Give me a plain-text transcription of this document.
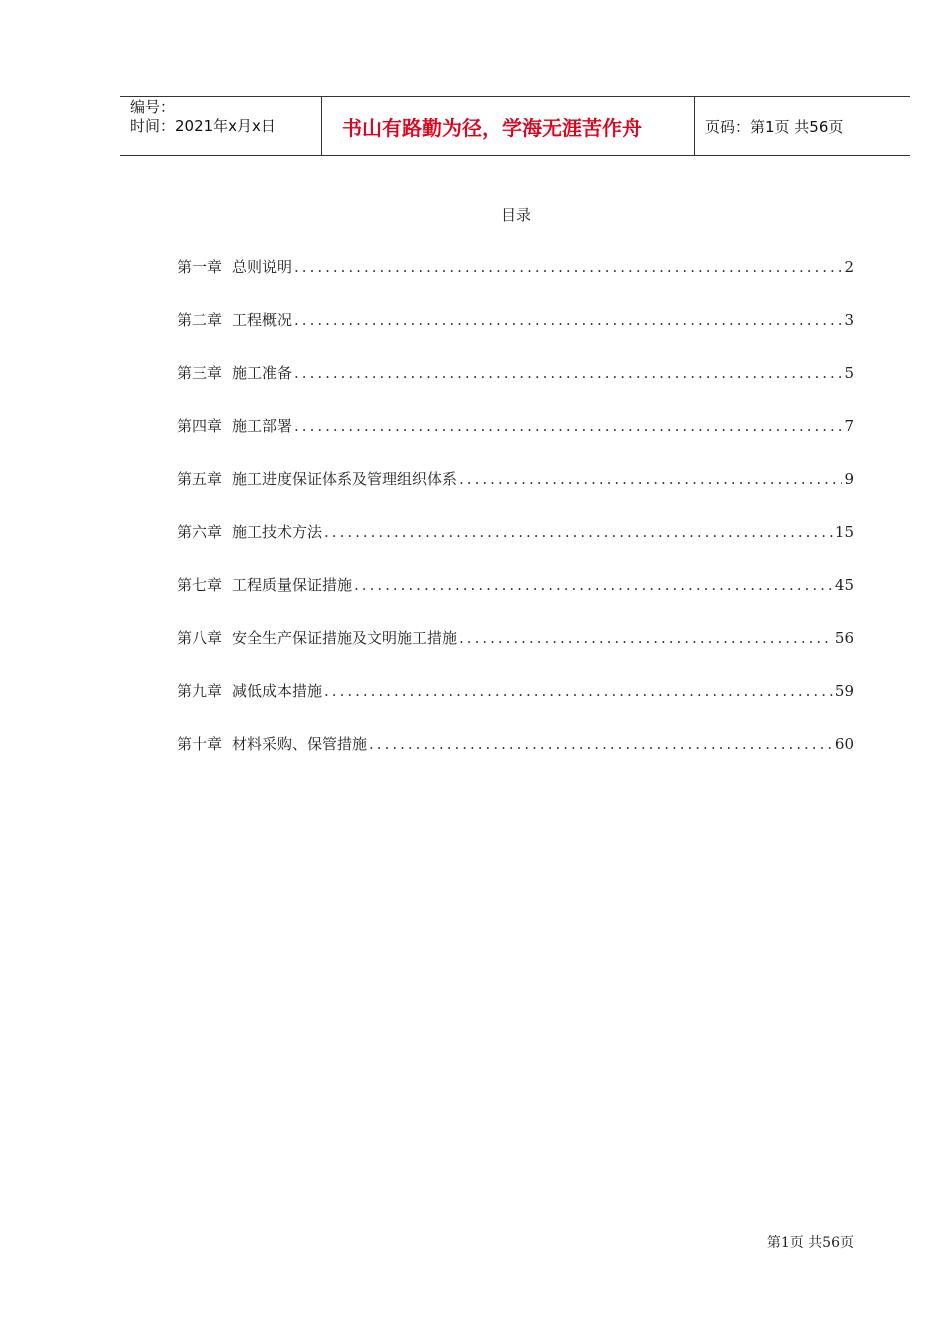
编号：
时间：2021年x月x日	书山有路勤为径，学海无涯苦作舟	页码：第1页 共56页
目录
第一章 总则说明 .....	2
第二章 工程概况 .....	3
第三章 施工准备 .....	5
第四章 施工部署 .....	7
第五章 施工进度保证体系及管理组织体系 .....	9
第六章 施工技术方法 .....	15
第七章 工程质量保证措施 .....	45
第八章 安全生产保证措施及文明施工措施 .....	56
第九章 减低成本措施 .....	59
第十章 材料采购、保管措施 .....	60
第1页 共56页
